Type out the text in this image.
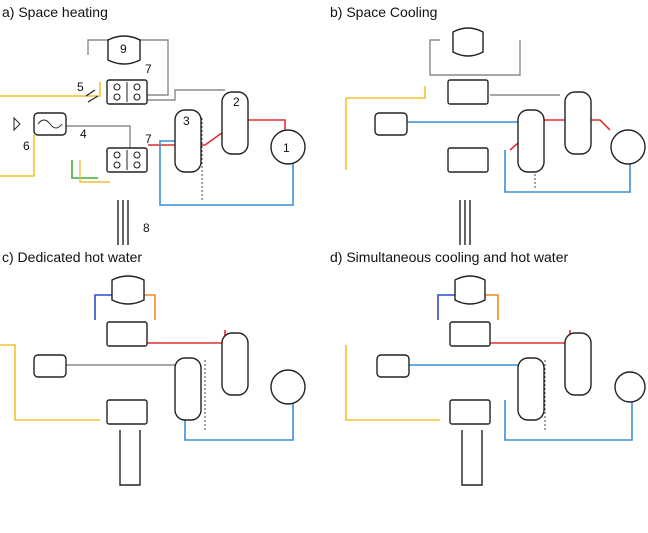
a) Space heating
9
7
5
4
6	7
3
2
1
8
b) Space Cooling
c) Dedicated hot water	d) Simultaneous cooling and hot water
